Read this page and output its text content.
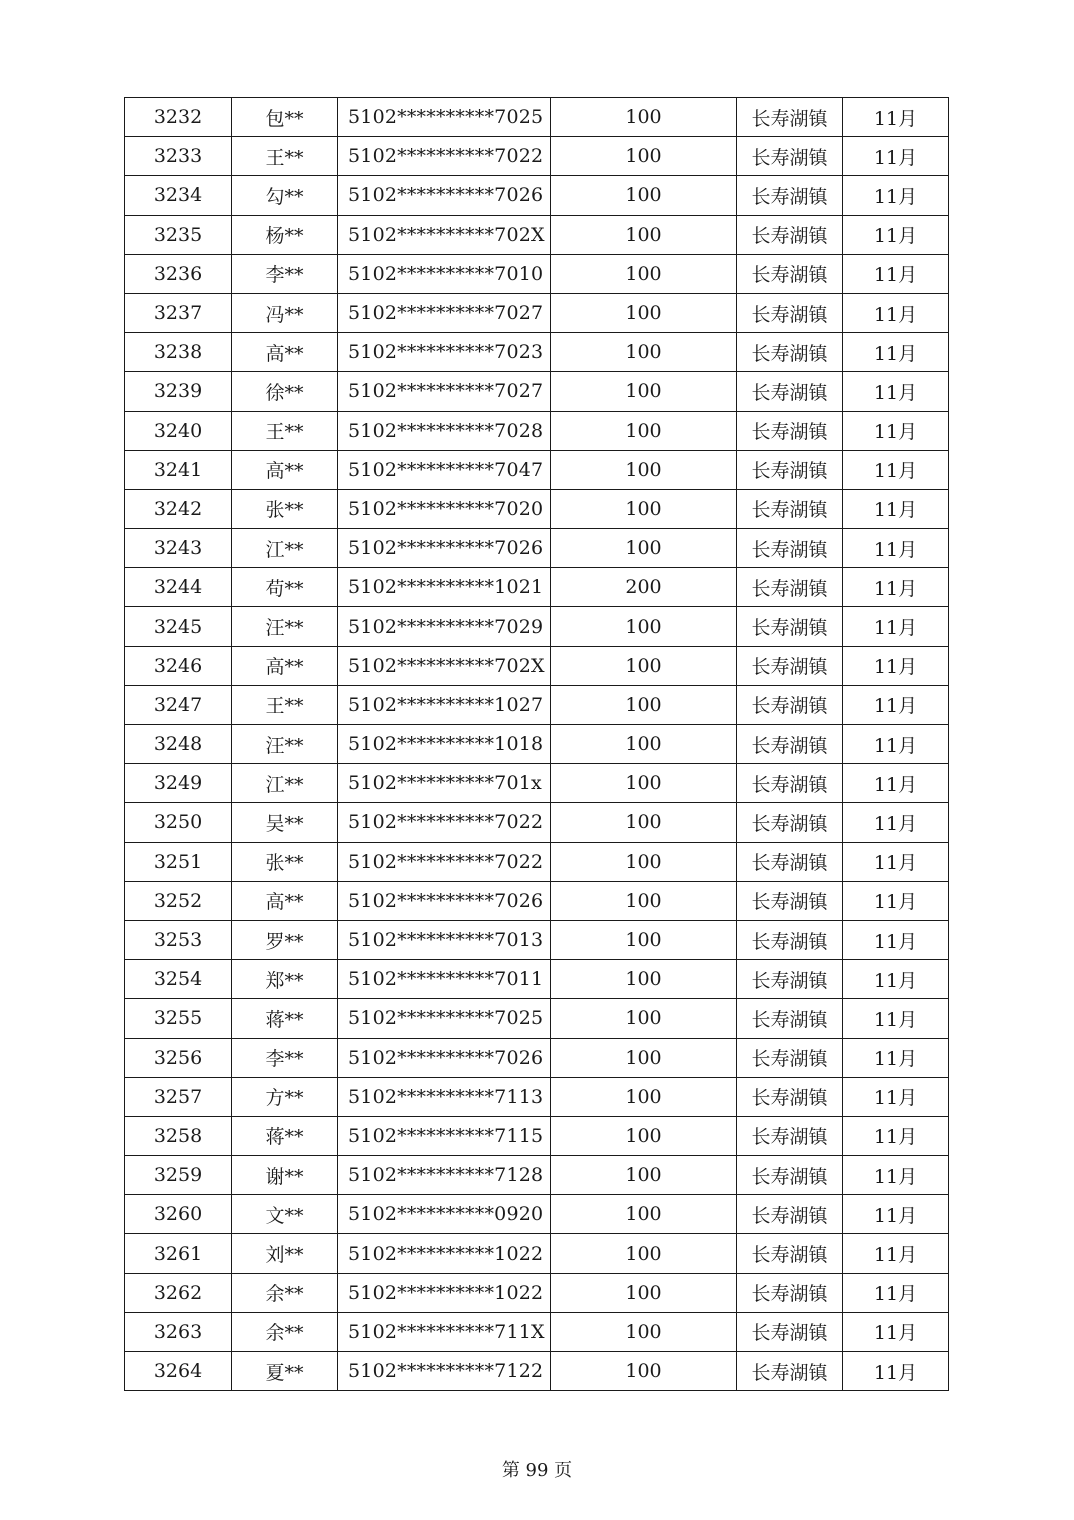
3232	包**	5102**********7025	100	长寿湖镇	11月
3233	王**	5102**********7022	100	长寿湖镇	11月
3234	勾**	5102**********7026	100	长寿湖镇	11月
3235	杨**	5102**********702X	100	长寿湖镇	11月
3236	李**	5102**********7010	100	长寿湖镇	11月
3237	冯**	5102**********7027	100	长寿湖镇	11月
3238	高**	5102**********7023	100	长寿湖镇	11月
3239	徐**	5102**********7027	100	长寿湖镇	11月
3240	王**	5102**********7028	100	长寿湖镇	11月
3241	高**	5102**********7047	100	长寿湖镇	11月
3242	张**	5102**********7020	100	长寿湖镇	11月
3243	江**	5102**********7026	100	长寿湖镇	11月
3244	苟**	5102**********1021	200	长寿湖镇	11月
3245	汪**	5102**********7029	100	长寿湖镇	11月
3246	高**	5102**********702X	100	长寿湖镇	11月
3247	王**	5102**********1027	100	长寿湖镇	11月
3248	汪**	5102**********1018	100	长寿湖镇	11月
3249	江**	5102**********701x	100	长寿湖镇	11月
3250	吴**	5102**********7022	100	长寿湖镇	11月
3251	张**	5102**********7022	100	长寿湖镇	11月
3252	高**	5102**********7026	100	长寿湖镇	11月
3253	罗**	5102**********7013	100	长寿湖镇	11月
3254	郑**	5102**********7011	100	长寿湖镇	11月
3255	蒋**	5102**********7025	100	长寿湖镇	11月
3256	李**	5102**********7026	100	长寿湖镇	11月
3257	方**	5102**********7113	100	长寿湖镇	11月
3258	蒋**	5102**********7115	100	长寿湖镇	11月
3259	谢**	5102**********7128	100	长寿湖镇	11月
3260	文**	5102**********0920	100	长寿湖镇	11月
3261	刘**	5102**********1022	100	长寿湖镇	11月
3262	余**	5102**********1022	100	长寿湖镇	11月
3263	余**	5102**********711X	100	长寿湖镇	11月
3264	夏**	5102**********7122	100	长寿湖镇	11月
第 99 页
